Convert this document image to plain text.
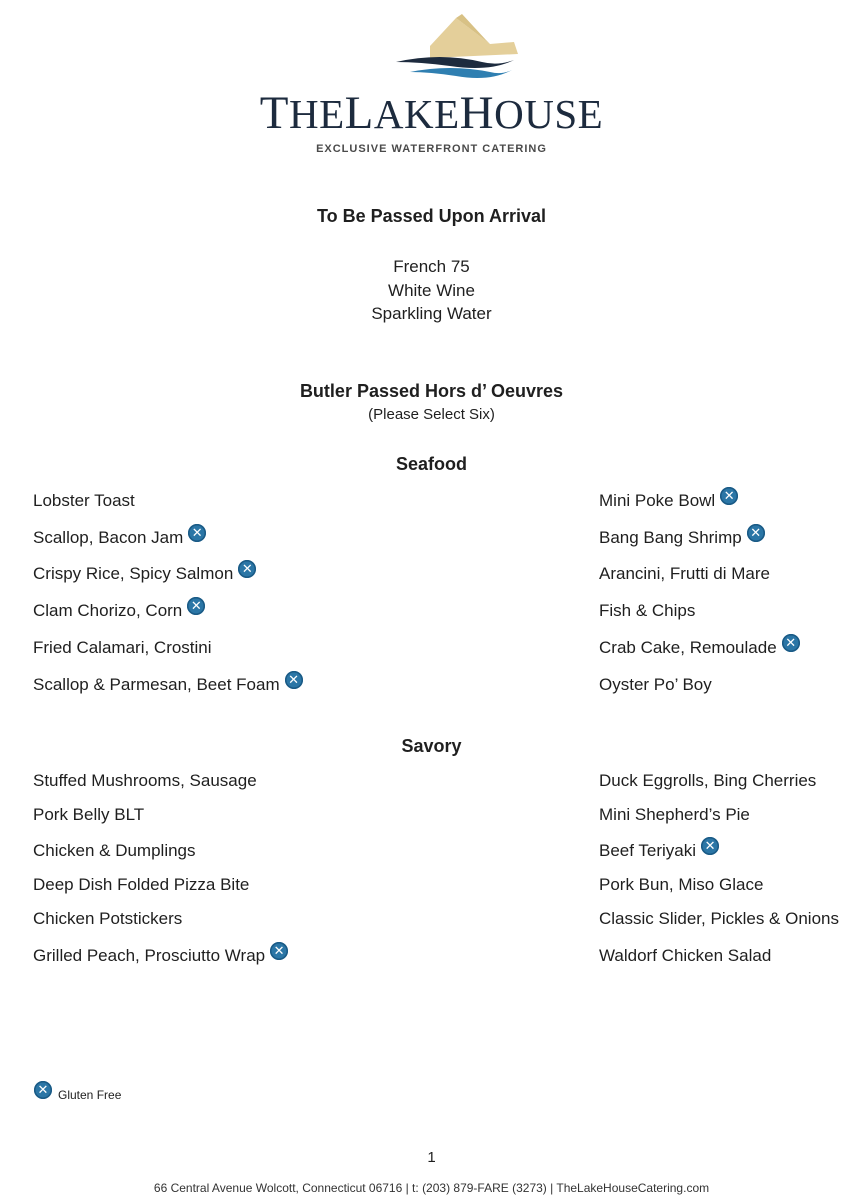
THELAKEHOUSE
EXCLUSIVE WATERFRONT CATERING
To Be Passed Upon Arrival
French 75
White Wine
Sparkling Water
Butler Passed Hors d’ Oeuvres
(Please Select Six)
Seafood
Lobster Toast
Scallop, Bacon Jam ✕
Crispy Rice, Spicy Salmon ✕
Clam Chorizo, Corn ✕
Fried Calamari, Crostini
Scallop & Parmesan, Beet Foam ✕
Mini Poke Bowl ✕
Bang Bang Shrimp ✕
Arancini, Frutti di Mare
Fish & Chips
Crab Cake, Remoulade ✕
Oyster Po’ Boy
Savory
Stuffed Mushrooms, Sausage
Pork Belly BLT
Chicken & Dumplings
Deep Dish Folded Pizza Bite
Chicken Potstickers
Grilled Peach, Prosciutto Wrap ✕
Duck Eggrolls, Bing Cherries
Mini Shepherd’s Pie
Beef Teriyaki ✕
Pork Bun, Miso Glace
Classic Slider, Pickles & Onions
Waldorf Chicken Salad
✕ Gluten Free
1
66 Central Avenue Wolcott, Connecticut 06716 | t: (203) 879-FARE (3273) | TheLakeHouseCatering.com
